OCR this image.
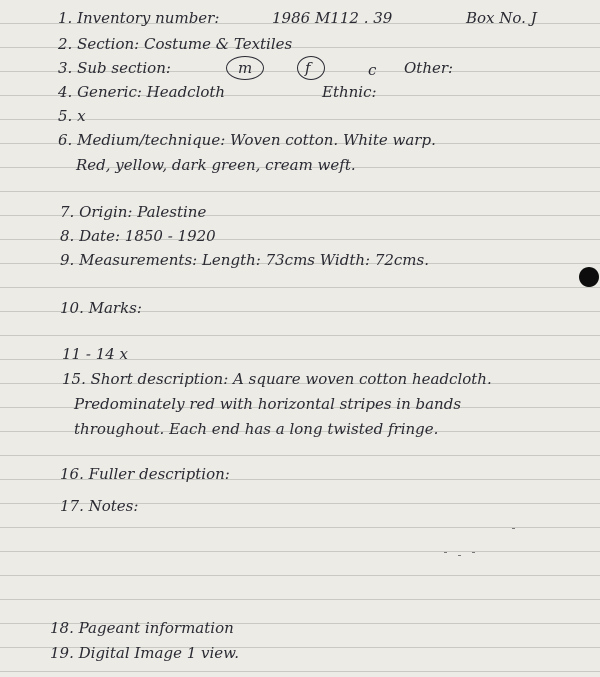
1. Inventory number:	1986 M112 . 39	Box No. J
2. Section: Costume & Textiles
3. Sub section:	m	f	c Other:
4. Generic: Headcloth	Ethnic:
5. x
6. Medium/technique: Woven cotton. White warp.
Red, yellow, dark green, cream weft.
7. Origin: Palestine
8. Date: 1850 - 1920
9. Measurements: Length: 73cms Width: 72cms.
10. Marks:
11 - 14 x
15. Short description: A square woven cotton headcloth.
Predominately red with horizontal stripes in bands
throughout. Each end has a long twisted fringe.
16. Fuller description:
17. Notes:
18. Pageant information
19. Digital Image 1 view.
